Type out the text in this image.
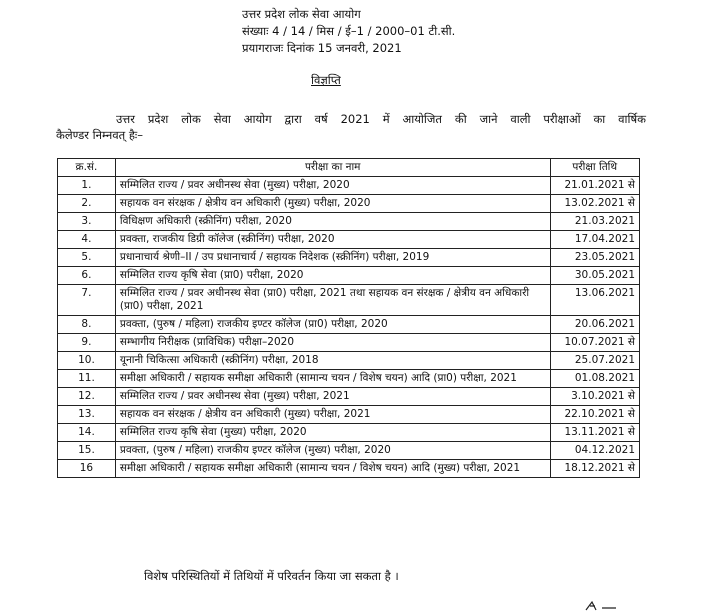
उत्तर प्रदेश लोक सेवा आयोग
संख्याः 4 / 14 / मिस / ई–1 / 2000–01 टी.सी.
प्रयागराजः दिनांक 15 जनवरी, 2021
विज्ञप्ति
उत्तर प्रदेश लोक सेवा आयोग द्वारा वर्ष 2021 में आयोजित की जाने वाली परीक्षाओं का वार्षिक
कैलेण्डर निम्नवत् हैः–
क्र.सं.	परीक्षा का नाम	परीक्षा तिथि
1.	सम्मिलित राज्य / प्रवर अधीनस्थ सेवा (मुख्य) परीक्षा, 2020	21.01.2021 से
2.	सहायक वन संरक्षक / क्षेत्रीय वन अधिकारी (मुख्य) परीक्षा, 2020	13.02.2021 से
3.	विधिक्षण अधिकारी (स्क्रीनिंग) परीक्षा, 2020	21.03.2021
4.	प्रवक्ता, राजकीय डिग्री कॉलेज (स्क्रीनिंग) परीक्षा, 2020	17.04.2021
5.	प्रधानाचार्य श्रेणी–II / उप प्रधानाचार्य / सहायक निदेशक (स्क्रीनिंग) परीक्षा, 2019	23.05.2021
6.	सम्मिलित राज्य कृषि सेवा (प्रा0) परीक्षा, 2020	30.05.2021
7.	सम्मिलित राज्य / प्रवर अधीनस्थ सेवा (प्रा0) परीक्षा, 2021 तथा सहायक वन संरक्षक / क्षेत्रीय वन अधिकारी (प्रा0) परीक्षा, 2021	13.06.2021
8.	प्रवक्ता, (पुरुष / महिला) राजकीय इण्टर कॉलेज (प्रा0) परीक्षा, 2020	20.06.2021
9.	सम्भागीय निरीक्षक (प्राविधिक) परीक्षा–2020	10.07.2021 से
10.	यूनानी चिकित्सा अधिकारी (स्क्रीनिंग) परीक्षा, 2018	25.07.2021
11.	समीक्षा अधिकारी / सहायक समीक्षा अधिकारी (सामान्य चयन / विशेष चयन) आदि (प्रा0) परीक्षा, 2021	01.08.2021
12.	सम्मिलित राज्य / प्रवर अधीनस्थ सेवा (मुख्य) परीक्षा, 2021	3.10.2021 से
13.	सहायक वन संरक्षक / क्षेत्रीय वन अधिकारी (मुख्य) परीक्षा, 2021	22.10.2021 से
14.	सम्मिलित राज्य कृषि सेवा (मुख्य) परीक्षा, 2020	13.11.2021 से
15.	प्रवक्ता, (पुरुष / महिला) राजकीय इण्टर कॉलेज (मुख्य) परीक्षा, 2020	04.12.2021
16	समीक्षा अधिकारी / सहायक समीक्षा अधिकारी (सामान्य चयन / विशेष चयन) आदि (मुख्य) परीक्षा, 2021	18.12.2021 से
विशेष परिस्थितियों में तिथियों में परिवर्तन किया जा सकता है ।
